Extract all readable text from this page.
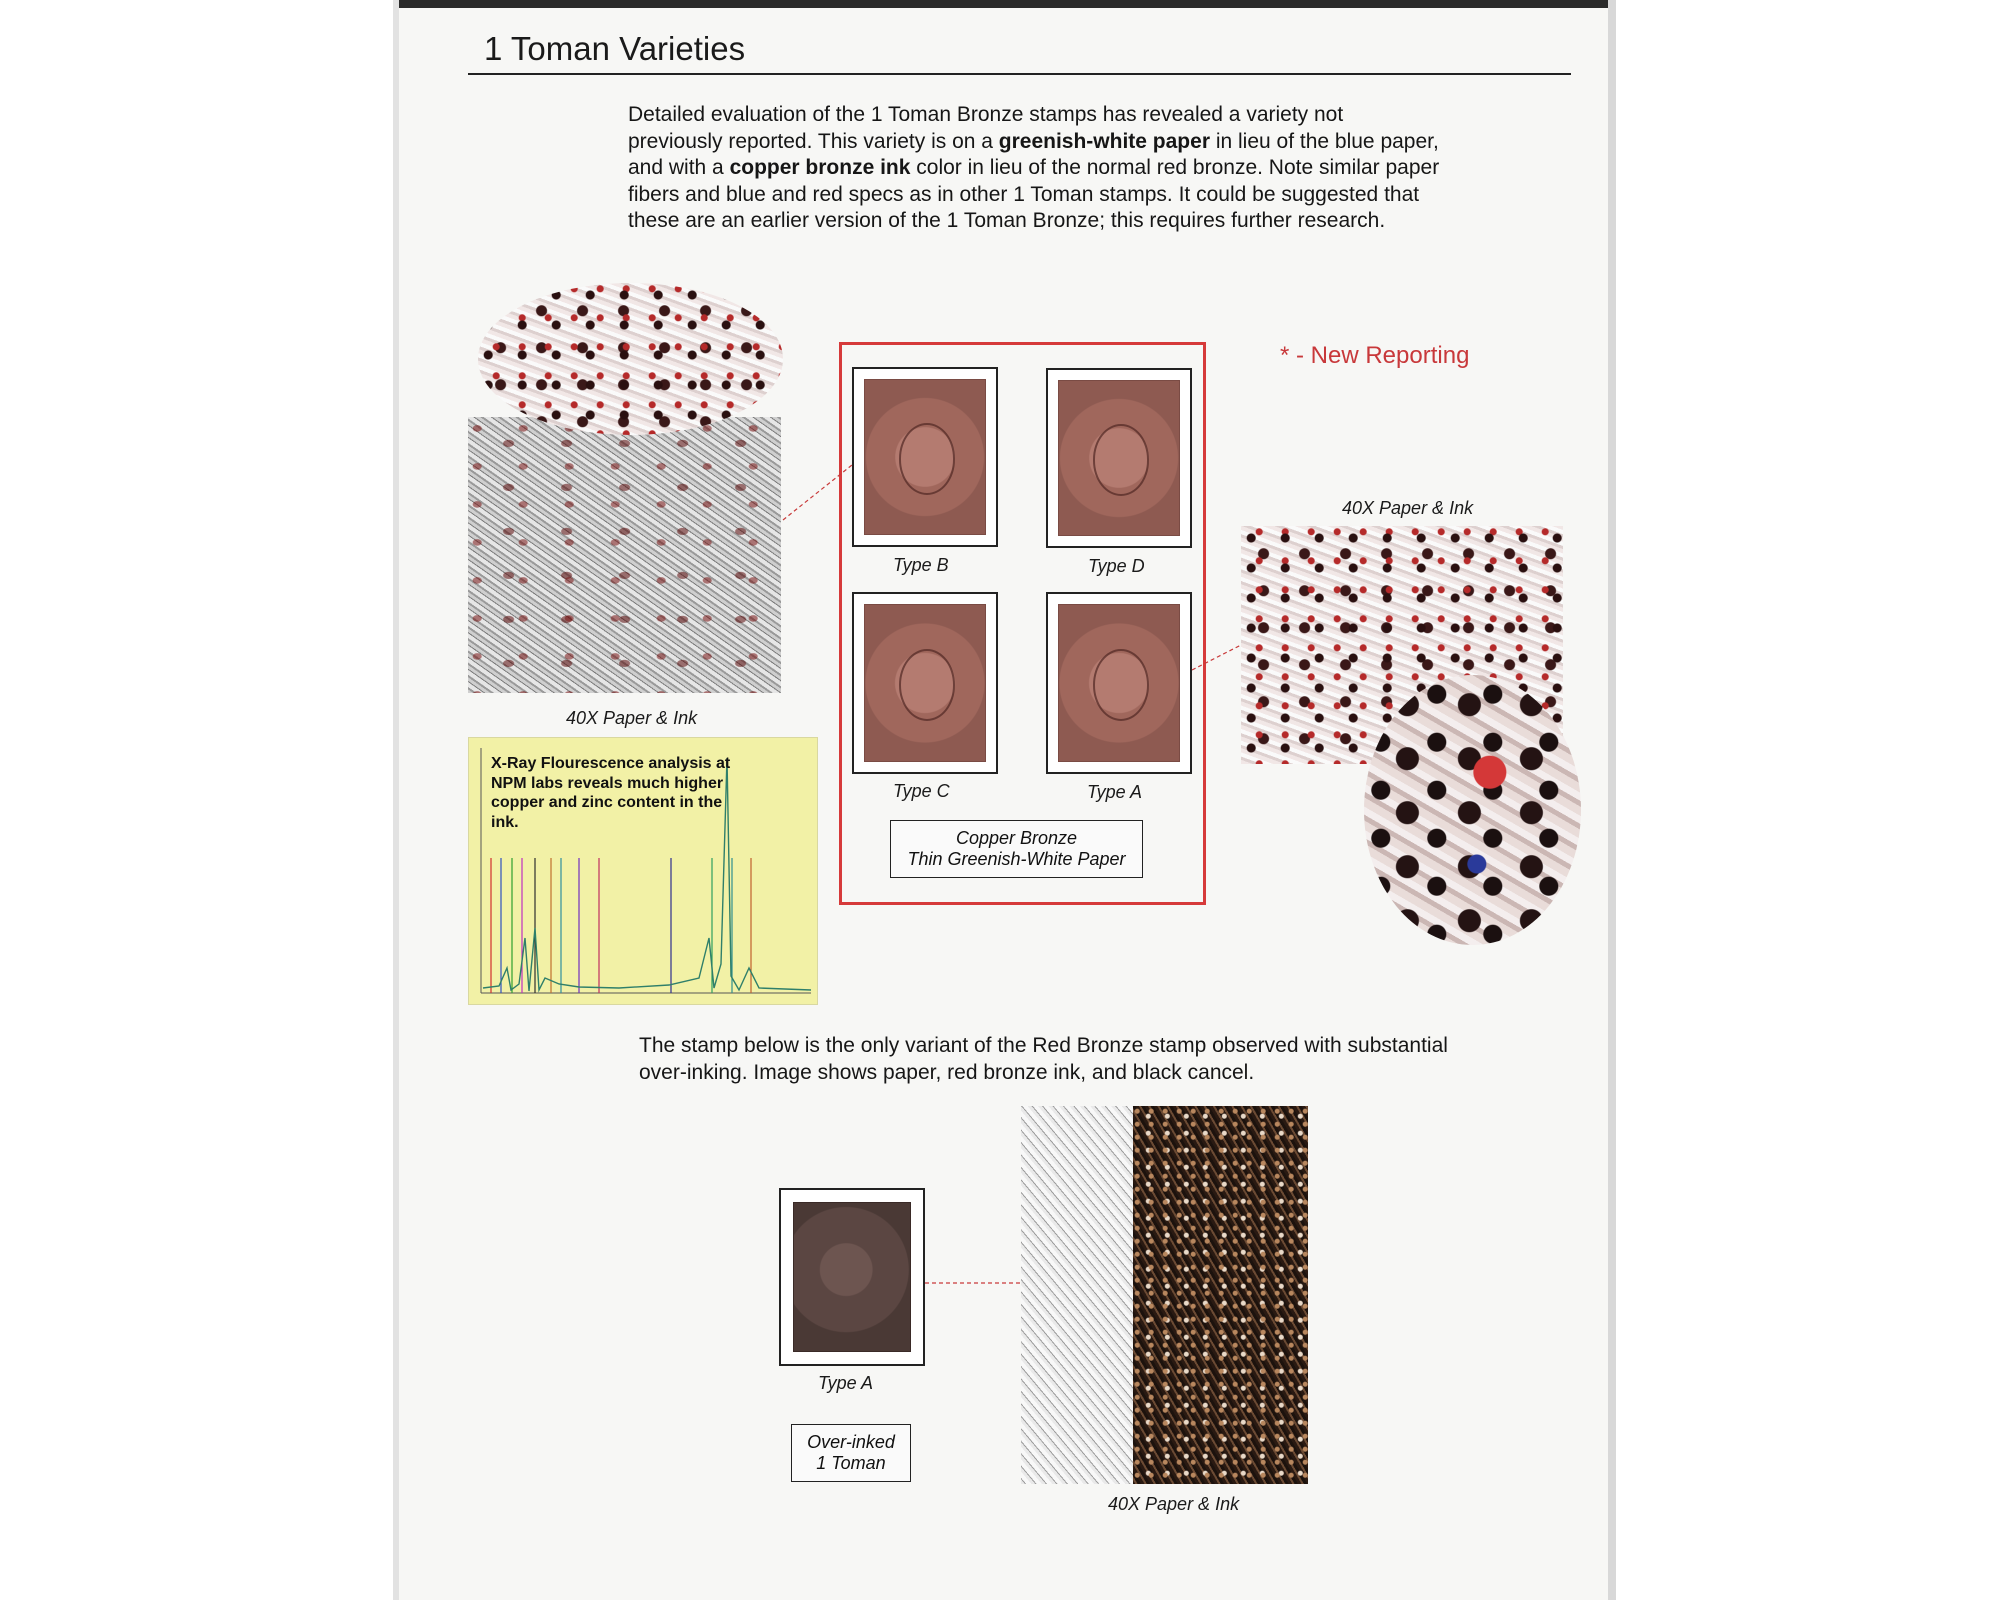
1 Toman Varieties

Detailed evaluation of the 1 Toman Bronze stamps has revealed a variety not previously reported. This variety is on a greenish-white paper in lieu of the blue paper, and with a copper bronze ink color in lieu of the normal red bronze. Note similar paper fibers and blue and red specs as in other 1 Toman stamps. It could be suggested that these are an earlier version of the 1 Toman Bronze; this requires further research.

* - New Reporting
40X Paper & Ink
X-Ray Flourescence analysis at NPM labs reveals much higher copper and zinc content in the ink.
Type B	Type D
Type C	Type A
Copper Bronze
Thin Greenish-White Paper
40X Paper & Ink

The stamp below is the only variant of the Red Bronze stamp observed with substantial over-inking. Image shows paper, red bronze ink, and black cancel.

Type A
Over-inked
1 Toman
40X Paper & Ink
